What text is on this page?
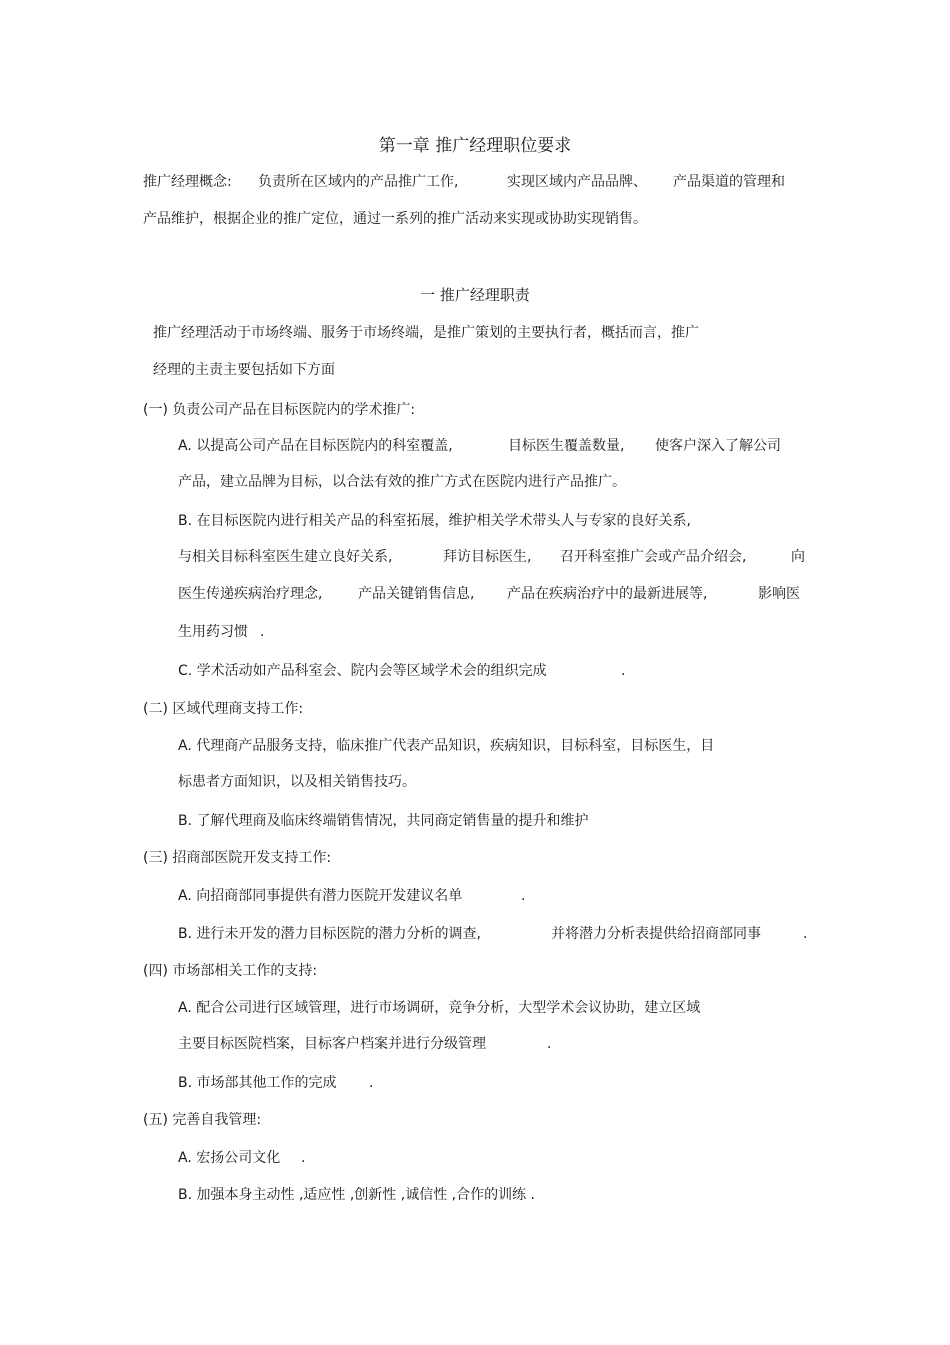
第一章 推广经理职位要求
推广经理概念: 负责所在区域内的产品推广工作,	实现区域内产品品牌、 产品渠道的管理和
产品维护，根据企业的推广定位，通过一系列的推广活动来实现或协助实现销售。
一 推广经理职责
推广经理活动于市场终端、服务于市场终端，是推广策划的主要执行者，概括而言，推广
经理的主责主要包括如下方面
(一) 负责公司产品在目标医院内的学术推广:
A. 以提高公司产品在目标医院内的科室覆盖,	目标医生覆盖数量, 使客户深入了解公司
产品，建立品牌为目标，以合法有效的推广方式在医院内进行产品推广。
B. 在目标医院内进行相关产品的科室拓展，维护相关学术带头人与专家的良好关系,
与相关目标科室医生建立良好关系,	拜访目标医生, 召开科室推广会或产品介绍会,	向
医生传递疾病治疗理念,	产品关键销售信息, 产品在疾病治疗中的最新进展等,	影响医
生用药习惯 .
C. 学术活动如产品科室会、院内会等区域学术会的组织完成	.
(二) 区域代理商支持工作:
A. 代理商产品服务支持，临床推广代表产品知识，疾病知识，目标科室，目标医生，目
标患者方面知识，以及相关销售技巧。
B. 了解代理商及临床终端销售情况，共同商定销售量的提升和维护
(三) 招商部医院开发支持工作:
A. 向招商部同事提供有潜力医院开发建议名单	.
B. 进行未开发的潜力目标医院的潜力分析的调查,	并将潜力分析表提供给招商部同事	.
(四) 市场部相关工作的支持:
A. 配合公司进行区域管理，进行市场调研，竞争分析，大型学术会议协助，建立区域
主要目标医院档案，目标客户档案并进行分级管理	.
B. 市场部其他工作的完成 .
(五) 完善自我管理:
A. 宏扬公司文化 .
B. 加强本身主动性 ,适应性 ,创新性 ,诚信性 ,合作的训练 .
